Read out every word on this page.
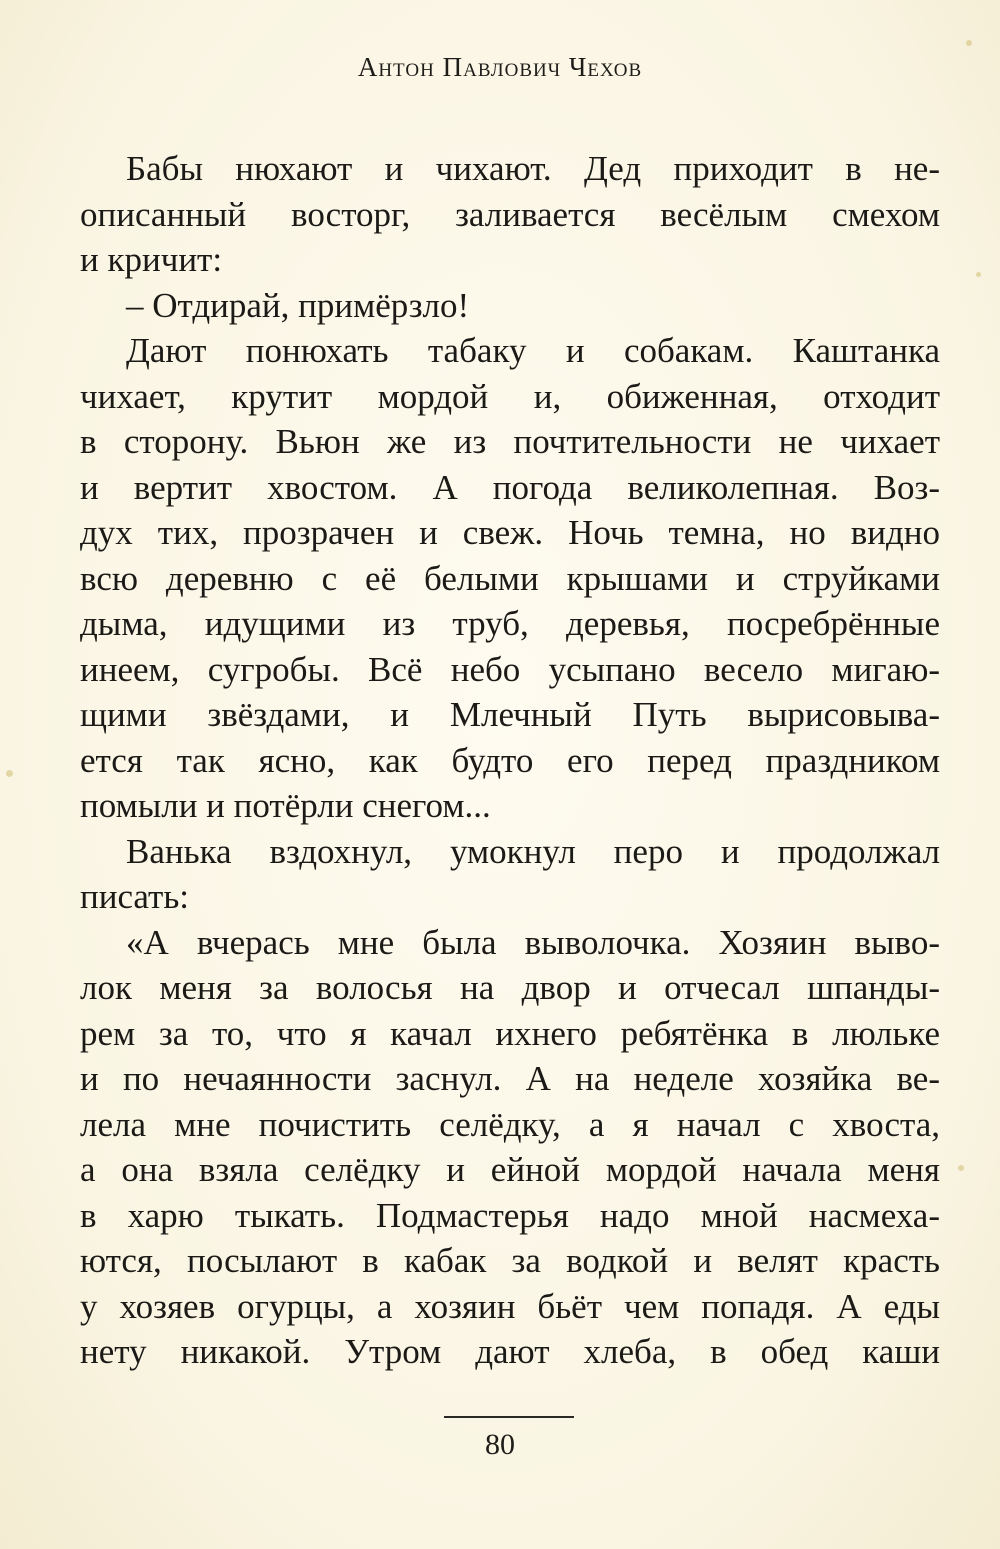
Антон Павлович Чехов
Бабы нюхают и чихают. Дед приходит в не-
описанный восторг, заливается весёлым смехом
и кричит:
– Отдирай, примёрзло!
Дают понюхать табаку и собакам. Каштанка
чихает, крутит мордой и, обиженная, отходит
в сторону. Вьюн же из почтительности не чихает
и вертит хвостом. А погода великолепная. Воз-
дух тих, прозрачен и свеж. Ночь темна, но видно
всю деревню с её белыми крышами и струйками
дыма, идущими из труб, деревья, посребрённые
инеем, сугробы. Всё небо усыпано весело мигаю-
щими звёздами, и Млечный Путь вырисовыва-
ется так ясно, как будто его перед праздником
помыли и потёрли снегом...
Ванька вздохнул, умокнул перо и продолжал
писать:
«А вчерась мне была выволочка. Хозяин выво-
лок меня за волосья на двор и отчесал шпанды-
рем за то, что я качал ихнего ребятёнка в люльке
и по нечаянности заснул. А на неделе хозяйка ве-
лела мне почистить селёдку, а я начал с хвоста,
а она взяла селёдку и ейной мордой начала меня
в харю тыкать. Подмастерья надо мной насмеха-
ются, посылают в кабак за водкой и велят красть
у хозяев огурцы, а хозяин бьёт чем попадя. А еды
нету никакой. Утром дают хлеба, в обед каши
80
